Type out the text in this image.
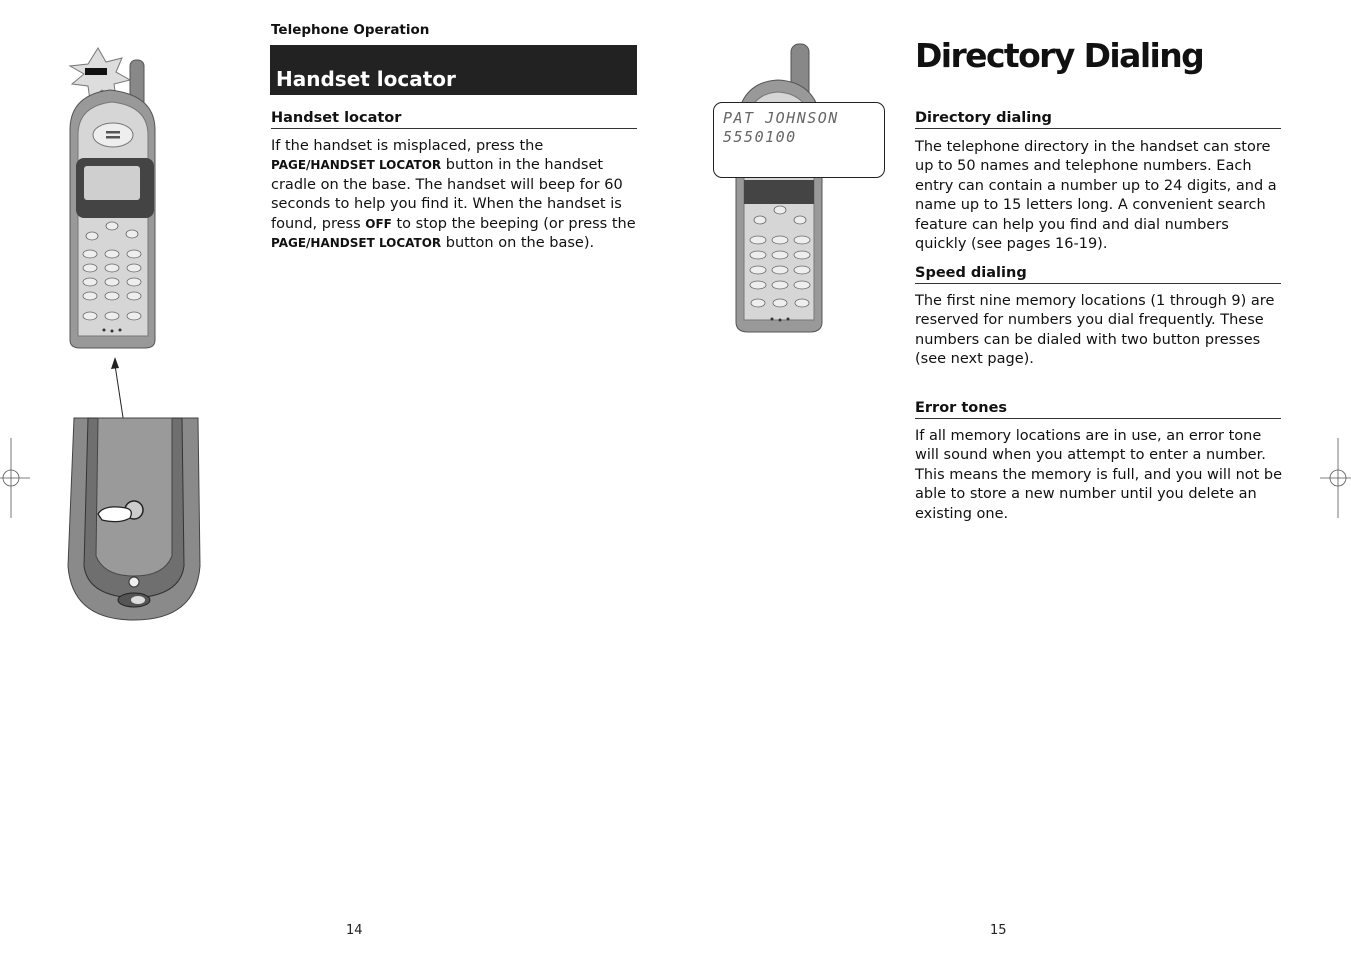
Telephone Operation
Handset locator
Handset locator
If the handset is misplaced, press the PAGE/HANDSET LOCATOR button in the handset cradle on the base. The handset will beep for 60 seconds to help you find it. When the handset is found, press OFF to stop the beeping (or press the PAGE/HANDSET LOCATOR button on the base).
14
PAT JOHNSON
5550100
Directory Dialing
Directory dialing
The telephone directory in the handset can store up to 50 names and telephone numbers. Each entry can contain a number up to 24 digits, and a name up to 15 letters long. A convenient search feature can help you find and dial numbers quickly (see pages 16-19).
Speed dialing
The first nine memory locations (1 through 9) are reserved for numbers you dial frequently. These numbers can be dialed with two button presses (see next page).
Error tones
If all memory locations are in use, an error tone will sound when you attempt to enter a number. This means the memory is full, and you will not be able to store a new number until you delete an existing one.
15
